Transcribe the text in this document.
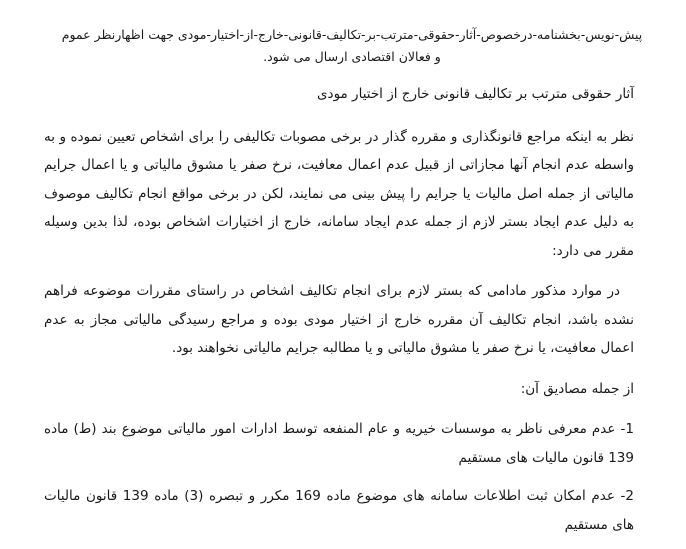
پیش-نویس-بخشنامه-درخصوص-آثار-حقوقی-مترتب-بر-تکالیف-قانونی-خارج-از-اختیار-مودی جهت اظهارنظر عموم و فعالان اقتصادی ارسال می شود.

آثار حقوقی مترتب بر تکالیف قانونی خارج از اختیار مودی

نظر به اینکه مراجع قانونگذاری و مقرره گذار در برخی مصوبات تکالیفی را برای اشخاص تعیین نموده و به واسطه عدم انجام آنها مجازاتی از قبیل عدم اعمال معافیت، نرخ صفر یا مشوق مالیاتی و یا اعمال جرایم مالیاتی از جمله اصل مالیات یا جرایم را پیش بینی می نمایند، لکن در برخی مواقع انجام تکالیف موصوف به دلیل عدم ایجاد بستر لازم از جمله عدم ایجاد سامانه، خارج از اختیارات اشخاص بوده، لذا بدین وسیله مقرر می دارد:

در موارد مذکور مادامی که بستر لازم برای انجام تکالیف اشخاص در راستای مقررات موضوعه فراهم نشده باشد، انجام تکالیف آن مقرره خارج از اختیار مودی بوده و مراجع رسیدگی مالیاتی مجاز به عدم اعمال معافیت، یا نرخ صفر یا مشوق مالیاتی و یا مطالبه جرایم مالیاتی نخواهند بود.

از جمله مصادیق آن:

1- عدم معرفی ناظر به موسسات خیریه و عام المنفعه توسط ادارات امور مالیاتی موضوع بند (ط) ماده 139 قانون مالیات های مستقیم

2- عدم امکان ثبت اطلاعات سامانه های موضوع ماده 169 مکرر و تبصره (3) ماده 139 قانون مالیات های مستقیم
